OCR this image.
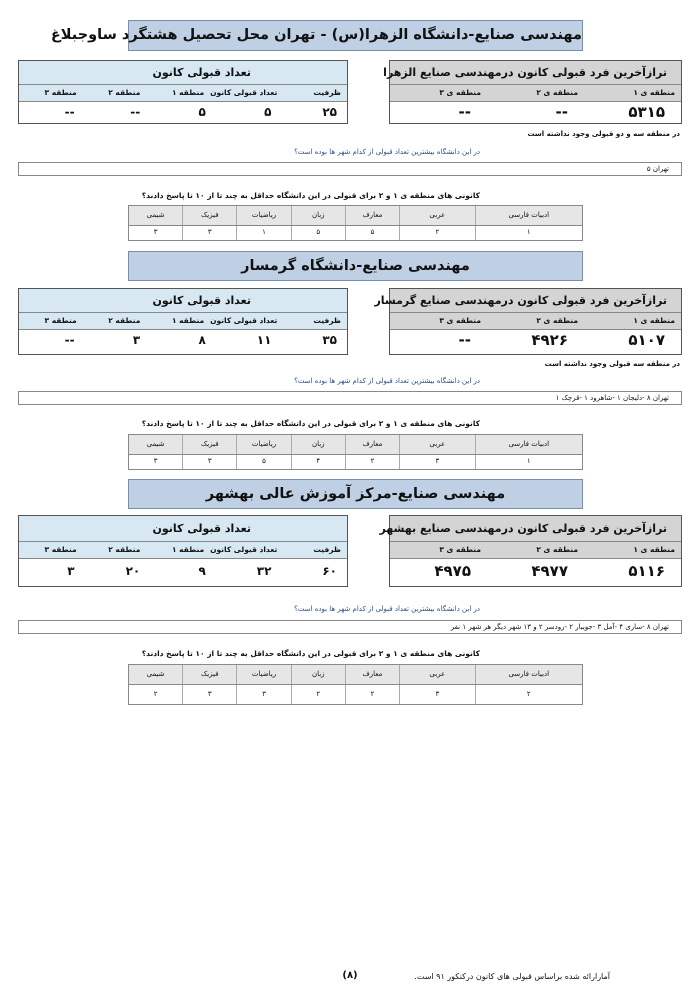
مهندسی صنایع-دانشگاه الزهرا(س) - تهران محل تحصیل هشتگرد ساوجبلاغ
ترازآخرین فرد قبولی کانون درمهندسی صنایع الزهرا
منطقه ی ۱
منطقه ی ۲
منطقه ی ۳
۵۳۱۵
--
--
تعداد قبولی کانون
ظرفیت
تعداد قبولی کانون
منطقه ۱
منطقه ۲
منطقه ۳
۲۵
۵
۵
--
--
در منطقه سه و دو قبولی وجود نداشته است
در این دانشگاه بیشترین تعداد قبولی از کدام شهر ها بوده است؟
تهران ۵
کانونی های منطقه ی ۱ و ۲ برای قبولی در این دانشگاه حداقل به چند تا از ۱۰ تا پاسخ دادند؟
ادبیات فارسی
عربی
معارف
زبان
ریاضیات
فیزیک
شیمی
۱
۲
۵
۵
۱
۳
۳
مهندسی صنایع-دانشگاه گرمسار
ترازآخرین فرد قبولی کانون درمهندسی صنایع گرمسار
منطقه ی ۱
منطقه ی ۲
منطقه ی ۳
۵۱۰۷
۴۹۲۶
--
تعداد قبولی کانون
ظرفیت
تعداد قبولی کانون
منطقه ۱
منطقه ۲
منطقه ۳
۳۵
۱۱
۸
۳
--
در منطقه سه قبولی وجود نداشته است
در این دانشگاه بیشترین تعداد قبولی از کدام شهر ها بوده است؟
تهران ۸ -دلیجان ۱ -شاهرود ۱ -قرچک ۱
کانونی های منطقه ی ۱ و ۲ برای قبولی در این دانشگاه حداقل به چند تا از ۱۰ تا پاسخ دادند؟
ادبیات فارسی
عربی
معارف
زبان
ریاضیات
فیزیک
شیمی
۱
۳
۲
۴
۵
۳
۳
مهندسی صنایع-مرکز آموزش عالی بهشهر
ترازآخرین فرد قبولی کانون درمهندسی صنایع بهشهر
منطقه ی ۱
منطقه ی ۲
منطقه ی ۳
۵۱۱۶
۴۹۷۷
۴۹۷۵
تعداد قبولی کانون
ظرفیت
تعداد قبولی کانون
منطقه ۱
منطقه ۲
منطقه ۳
۶۰
۳۲
۹
۲۰
۳
در این دانشگاه بیشترین تعداد قبولی از کدام شهر ها بوده است؟
تهران ۸ -ساری ۴ -آمل ۳ -جویبار ۲ -رودسر ۲ و ۱۳ شهر دیگر هر شهر ۱ نفر
کانونی های منطقه ی ۱ و ۲ برای قبولی در این دانشگاه حداقل به چند تا از ۱۰ تا پاسخ دادند؟
ادبیات فارسی
عربی
معارف
زبان
ریاضیات
فیزیک
شیمی
۲
۳
۲
۲
۳
۳
۲
(۸)	آمارارائه شده براساس قبولی های کانون درکنکور ۹۱ است.
